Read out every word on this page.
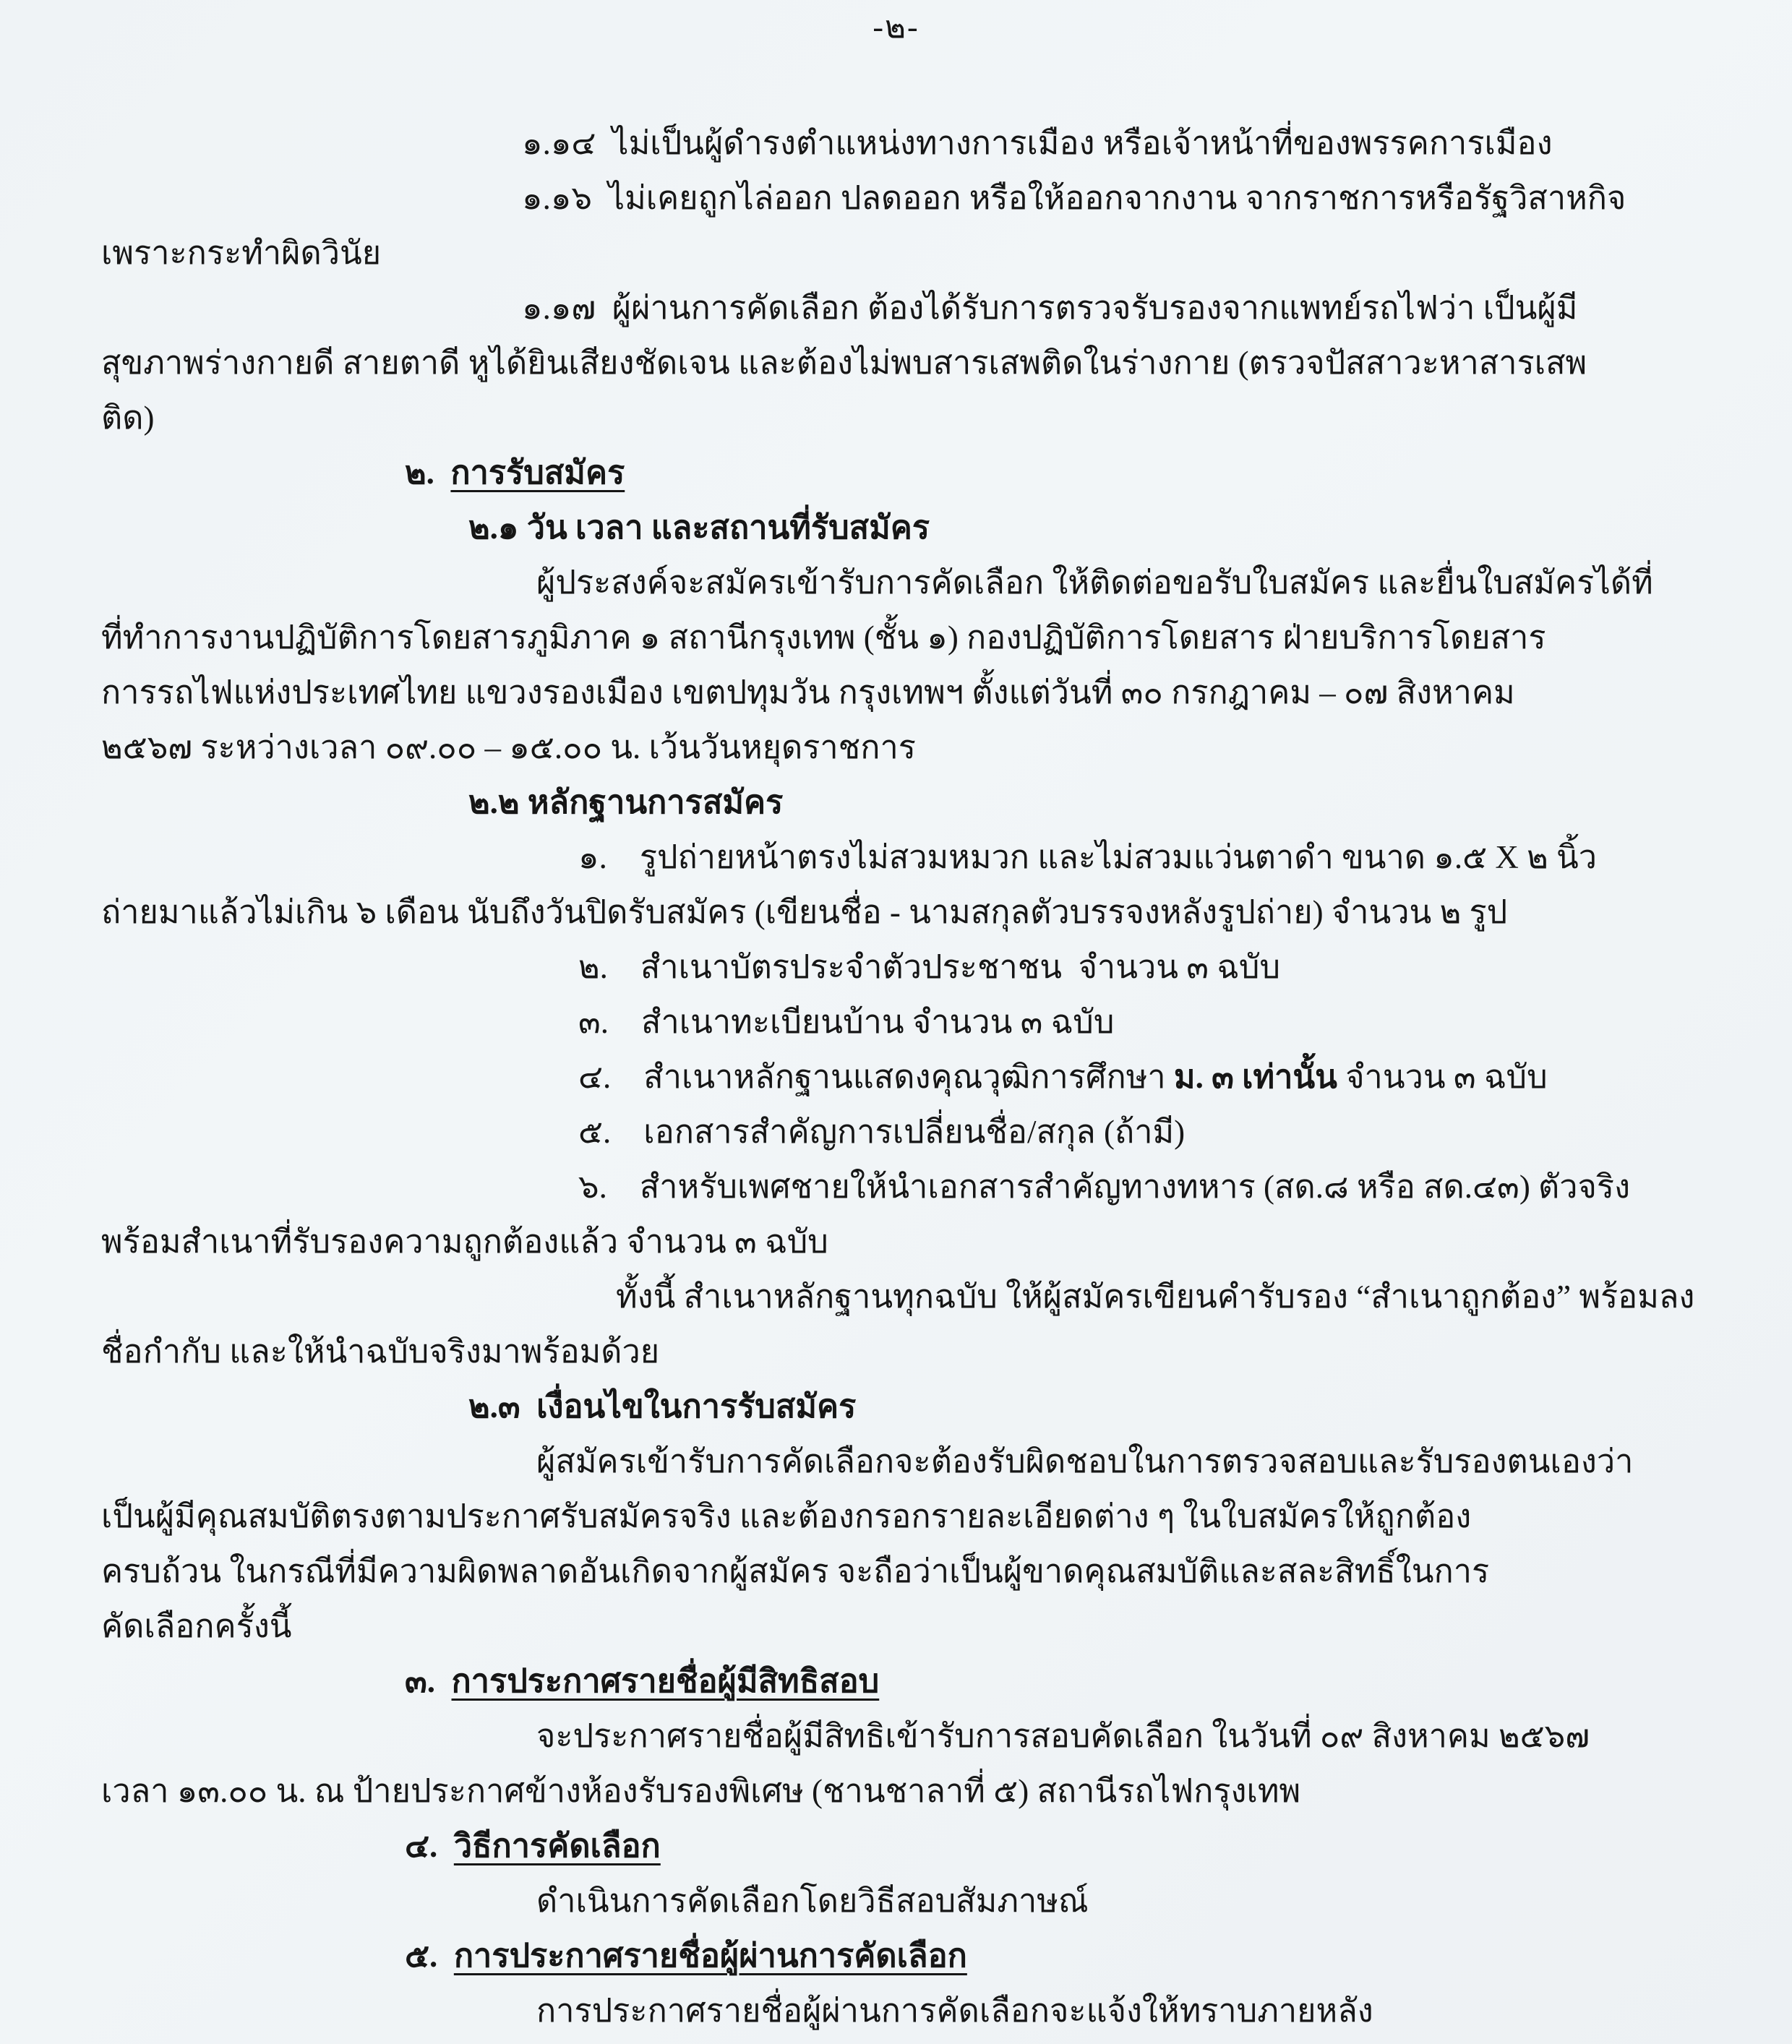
-๒-
๑.๑๔  ไม่เป็นผู้ดำรงตำแหน่งทางการเมือง หรือเจ้าหน้าที่ของพรรคการเมือง
๑.๑๖  ไม่เคยถูกไล่ออก ปลดออก หรือให้ออกจากงาน จากราชการหรือรัฐวิสาหกิจ
เพราะกระทำผิดวินัย
๑.๑๗  ผู้ผ่านการคัดเลือก ต้องได้รับการตรวจรับรองจากแพทย์รถไฟว่า เป็นผู้มี
สุขภาพร่างกายดี สายตาดี หูได้ยินเสียงชัดเจน และต้องไม่พบสารเสพติดในร่างกาย (ตรวจปัสสาวะหาสารเสพ
ติด)
๒.  การรับสมัคร
๒.๑ วัน เวลา และสถานที่รับสมัคร
ผู้ประสงค์จะสมัครเข้ารับการคัดเลือก ให้ติดต่อขอรับใบสมัคร และยื่นใบสมัครได้ที่
ที่ทำการงานปฏิบัติการโดยสารภูมิภาค ๑ สถานีกรุงเทพ (ชั้น ๑) กองปฏิบัติการโดยสาร ฝ่ายบริการโดยสาร
การรถไฟแห่งประเทศไทย แขวงรองเมือง เขตปทุมวัน กรุงเทพฯ ตั้งแต่วันที่ ๓๐ กรกฎาคม – ๐๗ สิงหาคม
๒๕๖๗ ระหว่างเวลา ๐๙.๐๐ – ๑๕.๐๐ น. เว้นวันหยุดราชการ
๒.๒ หลักฐานการสมัคร
๑. รูปถ่ายหน้าตรงไม่สวมหมวก และไม่สวมแว่นตาดำ ขนาด ๑.๕ X ๒ นิ้ว
ถ่ายมาแล้วไม่เกิน ๖ เดือน นับถึงวันปิดรับสมัคร (เขียนชื่อ - นามสกุลตัวบรรจงหลังรูปถ่าย) จำนวน ๒ รูป
๒. สำเนาบัตรประจำตัวประชาชน  จำนวน ๓ ฉบับ
๓. สำเนาทะเบียนบ้าน จำนวน ๓ ฉบับ
๔. สำเนาหลักฐานแสดงคุณวุฒิการศึกษา ม. ๓ เท่านั้น จำนวน ๓ ฉบับ
๕. เอกสารสำคัญการเปลี่ยนชื่อ/สกุล (ถ้ามี)
๖. สำหรับเพศชายให้นำเอกสารสำคัญทางทหาร (สด.๘ หรือ สด.๔๓) ตัวจริง
พร้อมสำเนาที่รับรองความถูกต้องแล้ว จำนวน ๓ ฉบับ
ทั้งนี้ สำเนาหลักฐานทุกฉบับ ให้ผู้สมัครเขียนคำรับรอง “สำเนาถูกต้อง” พร้อมลง
ชื่อกำกับ และให้นำฉบับจริงมาพร้อมด้วย
๒.๓  เงื่อนไขในการรับสมัคร
ผู้สมัครเข้ารับการคัดเลือกจะต้องรับผิดชอบในการตรวจสอบและรับรองตนเองว่า
เป็นผู้มีคุณสมบัติตรงตามประกาศรับสมัครจริง และต้องกรอกรายละเอียดต่าง ๆ ในใบสมัครให้ถูกต้อง
ครบถ้วน ในกรณีที่มีความผิดพลาดอันเกิดจากผู้สมัคร จะถือว่าเป็นผู้ขาดคุณสมบัติและสละสิทธิ์ในการ
คัดเลือกครั้งนี้
๓.  การประกาศรายชื่อผู้มีสิทธิสอบ
จะประกาศรายชื่อผู้มีสิทธิเข้ารับการสอบคัดเลือก ในวันที่ ๐๙ สิงหาคม ๒๕๖๗
เวลา ๑๓.๐๐ น. ณ ป้ายประกาศข้างห้องรับรองพิเศษ (ชานชาลาที่ ๕) สถานีรถไฟกรุงเทพ
๔.  วิธีการคัดเลือก
ดำเนินการคัดเลือกโดยวิธีสอบสัมภาษณ์
๕.  การประกาศรายชื่อผู้ผ่านการคัดเลือก
การประกาศรายชื่อผู้ผ่านการคัดเลือกจะแจ้งให้ทราบภายหลัง
